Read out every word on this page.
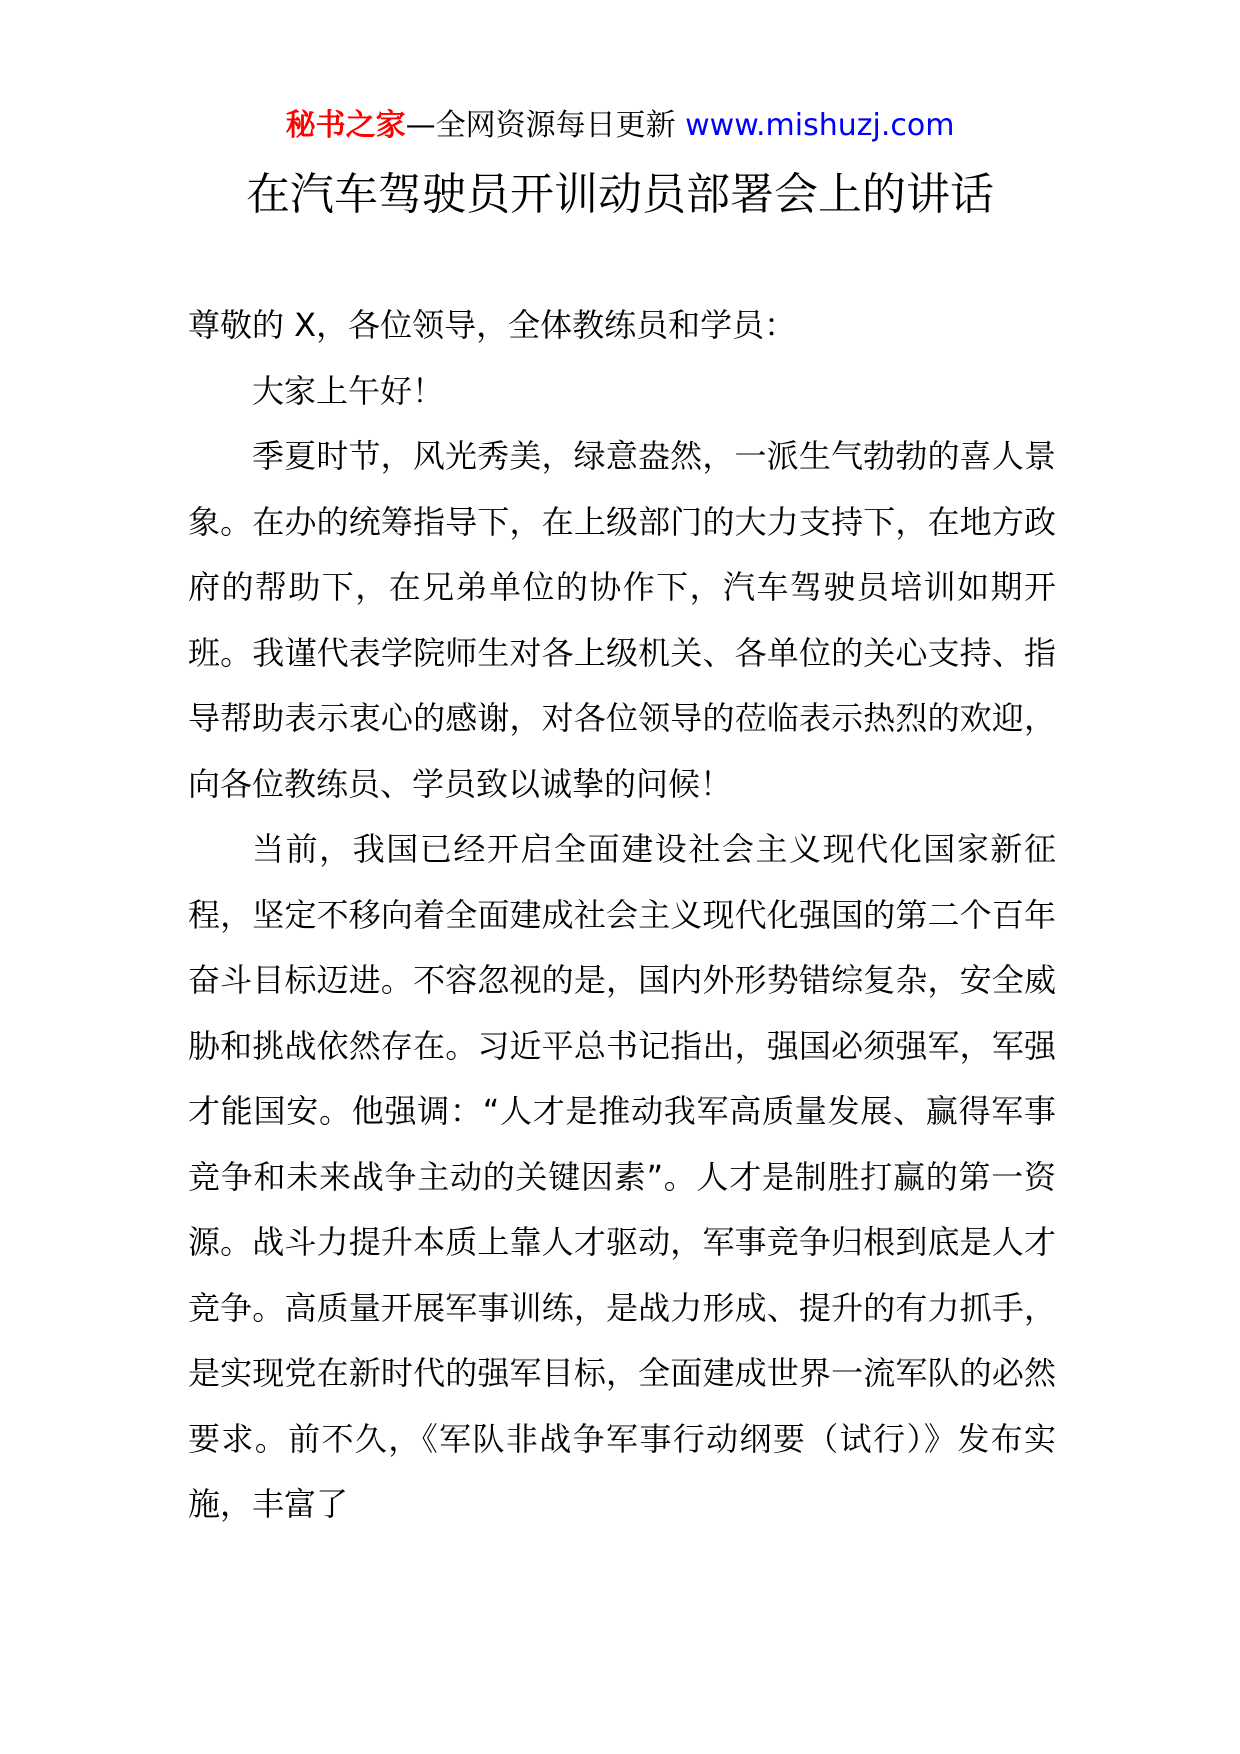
秘书之家—全网资源每日更新 www.mishuzj.com
在汽车驾驶员开训动员部署会上的讲话

尊敬的 X，各位领导，全体教练员和学员：

大家上午好！

季夏时节，风光秀美，绿意盎然，一派生气勃勃的喜人景象。在办的统筹指导下，在上级部门的大力支持下，在地方政府的帮助下，在兄弟单位的协作下，汽车驾驶员培训如期开班。我谨代表学院师生对各上级机关、各单位的关心支持、指导帮助表示衷心的感谢，对各位领导的莅临表示热烈的欢迎，向各位教练员、学员致以诚挚的问候！

当前，我国已经开启全面建设社会主义现代化国家新征程，坚定不移向着全面建成社会主义现代化强国的第二个百年奋斗目标迈进。不容忽视的是，国内外形势错综复杂，安全威胁和挑战依然存在。习近平总书记指出，强国必须强军，军强才能国安。他强调：“人才是推动我军高质量发展、赢得军事竞争和未来战争主动的关键因素”。人才是制胜打赢的第一资源。战斗力提升本质上靠人才驱动，军事竞争归根到底是人才竞争。高质量开展军事训练，是战力形成、提升的有力抓手，是实现党在新时代的强军目标，全面建成世界一流军队的必然要求。前不久，《军队非战争军事行动纲要（试行）》发布实施，丰富了
